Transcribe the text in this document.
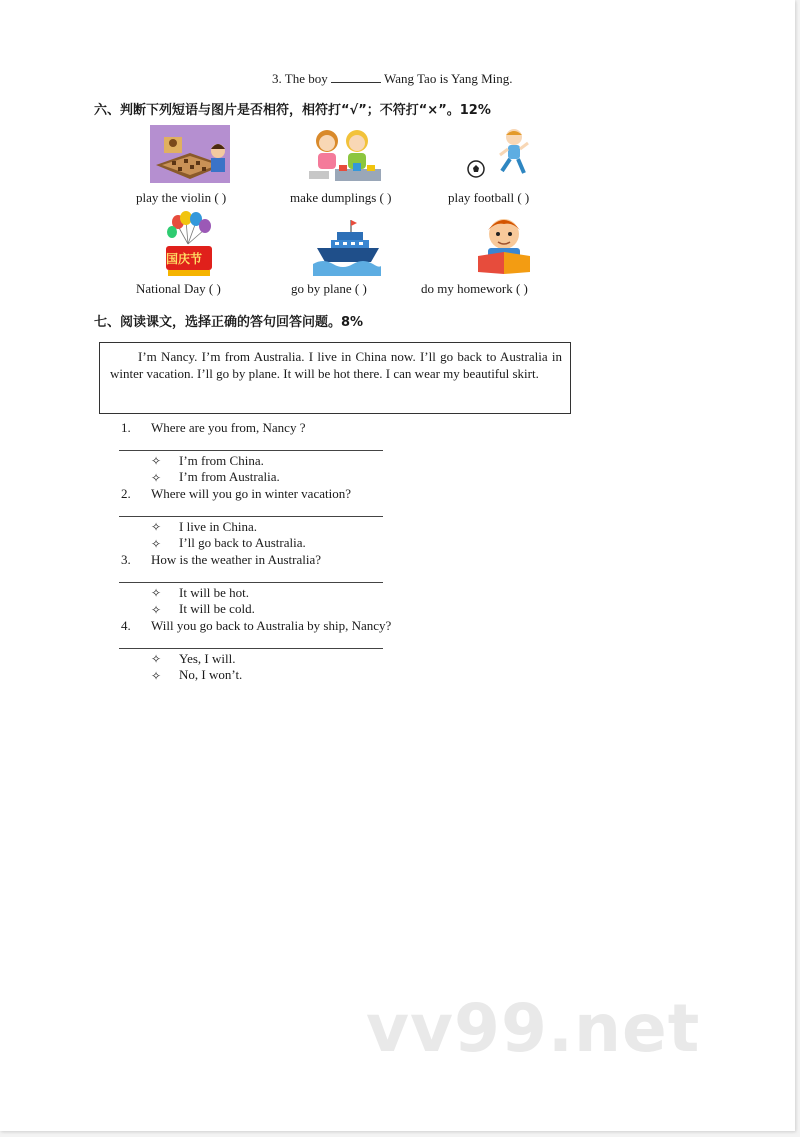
3. The boy	Wang Tao is Yang Ming.
六、判断下列短语与图片是否相符，相符打“√”；不符打“×”。12%
play the violin ( )	make dumplings ( )	play football ( )
国庆节
National Day ( )	go by plane ( )	do my homework ( )
七、阅读课文，选择正确的答句回答问题。8%
I’m Nancy. I’m from Australia. I live in China now. I’ll go back to Australia in winter vacation. I’ll go by plane. It will be hot there. I can wear my beautiful skirt.
1. Where are you from, Nancy ?
✧ I’m from China.
✧ I’m from Australia.
2. Where will you go in winter vacation?
✧ I live in China.
✧ I’ll go back to Australia.
3. How is the weather in Australia?
✧ It will be hot.
✧ It will be cold.
4. Will you go back to Australia by ship, Nancy?
✧ Yes, I will.
✧ No, I won’t.
vv99.net
